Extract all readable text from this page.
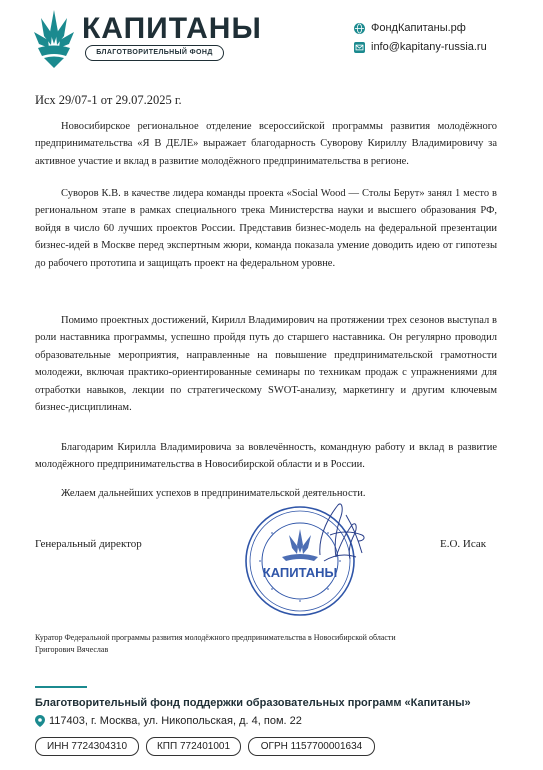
КАПИТАНЫ
БЛАГОТВОРИТЕЛЬНЫЙ ФОНД
ФондКапитаны.рф
info@kapitany-russia.ru
Исх 29/07-1 от 29.07.2025 г.

Новосибирское региональное отделение всероссийской программы развития молодёжного предпринимательства «Я В ДЕЛЕ» выражает благодарность Суворову Кириллу Владимировичу за активное участие и вклад в развитие молодёжного предпринимательства в регионе.

Суворов К.В. в качестве лидера команды проекта «Social Wood — Столы Берут» занял 1 место в региональном этапе в рамках специального трека Министерства науки и высшего образования РФ, войдя в число 60 лучших проектов России. Представив бизнес-модель на федеральной презентации бизнес-идей в Москве перед экспертным жюри, команда показала умение доводить идею от гипотезы до рабочего прототипа и защищать проект на федеральном уровне.

Помимо проектных достижений, Кирилл Владимирович на протяжении трех сезонов выступал в роли наставника программы, успешно пройдя путь до старшего наставника. Он регулярно проводил образовательные мероприятия, направленные на повышение предпринимательской грамотности молодежи, включая практико-ориентированные семинары по техникам продаж с упражнениями для отработки навыков, лекции по стратегическому SWOT-анализу, маркетингу и другим ключевым бизнес-дисциплинам.

Благодарим Кирилла Владимировича за вовлечённость, командную работу и вклад в развитие молодёжного предпринимательства в Новосибирской области и в России.

Желаем дальнейших успехов в предпринимательской деятельности.

Генеральный директор	Е.О. Исак
КАПИТАНЫ
Куратор Федеральной программы развития молодёжного предпринимательства в Новосибирской области
Григорович Вячеслав
Благотворительный фонд поддержки образовательных программ «Капитаны»
117403, г. Москва, ул. Никопольская, д. 4, пом. 22
ИНН 7724304310	КПП 772401001	ОГРН 1157700001634
